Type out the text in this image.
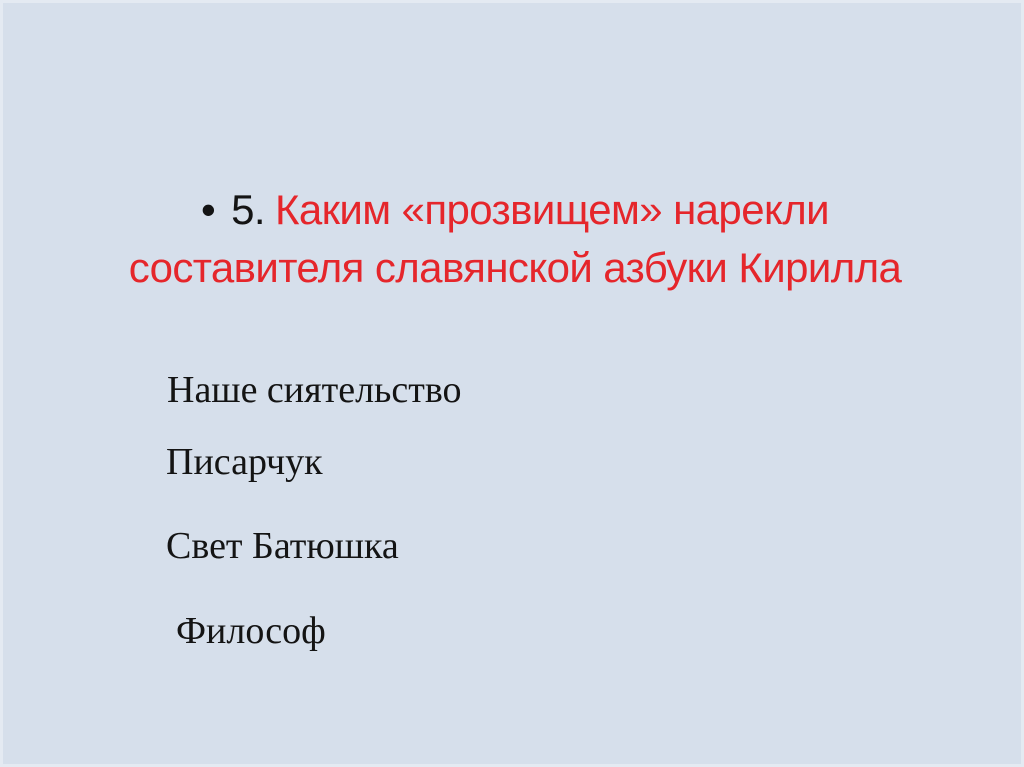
• 5. Каким «прозвищем» нарекли
составителя славянской азбуки Кирилла
Наше сиятельство
Писарчук
Свет Батюшка
Философ
